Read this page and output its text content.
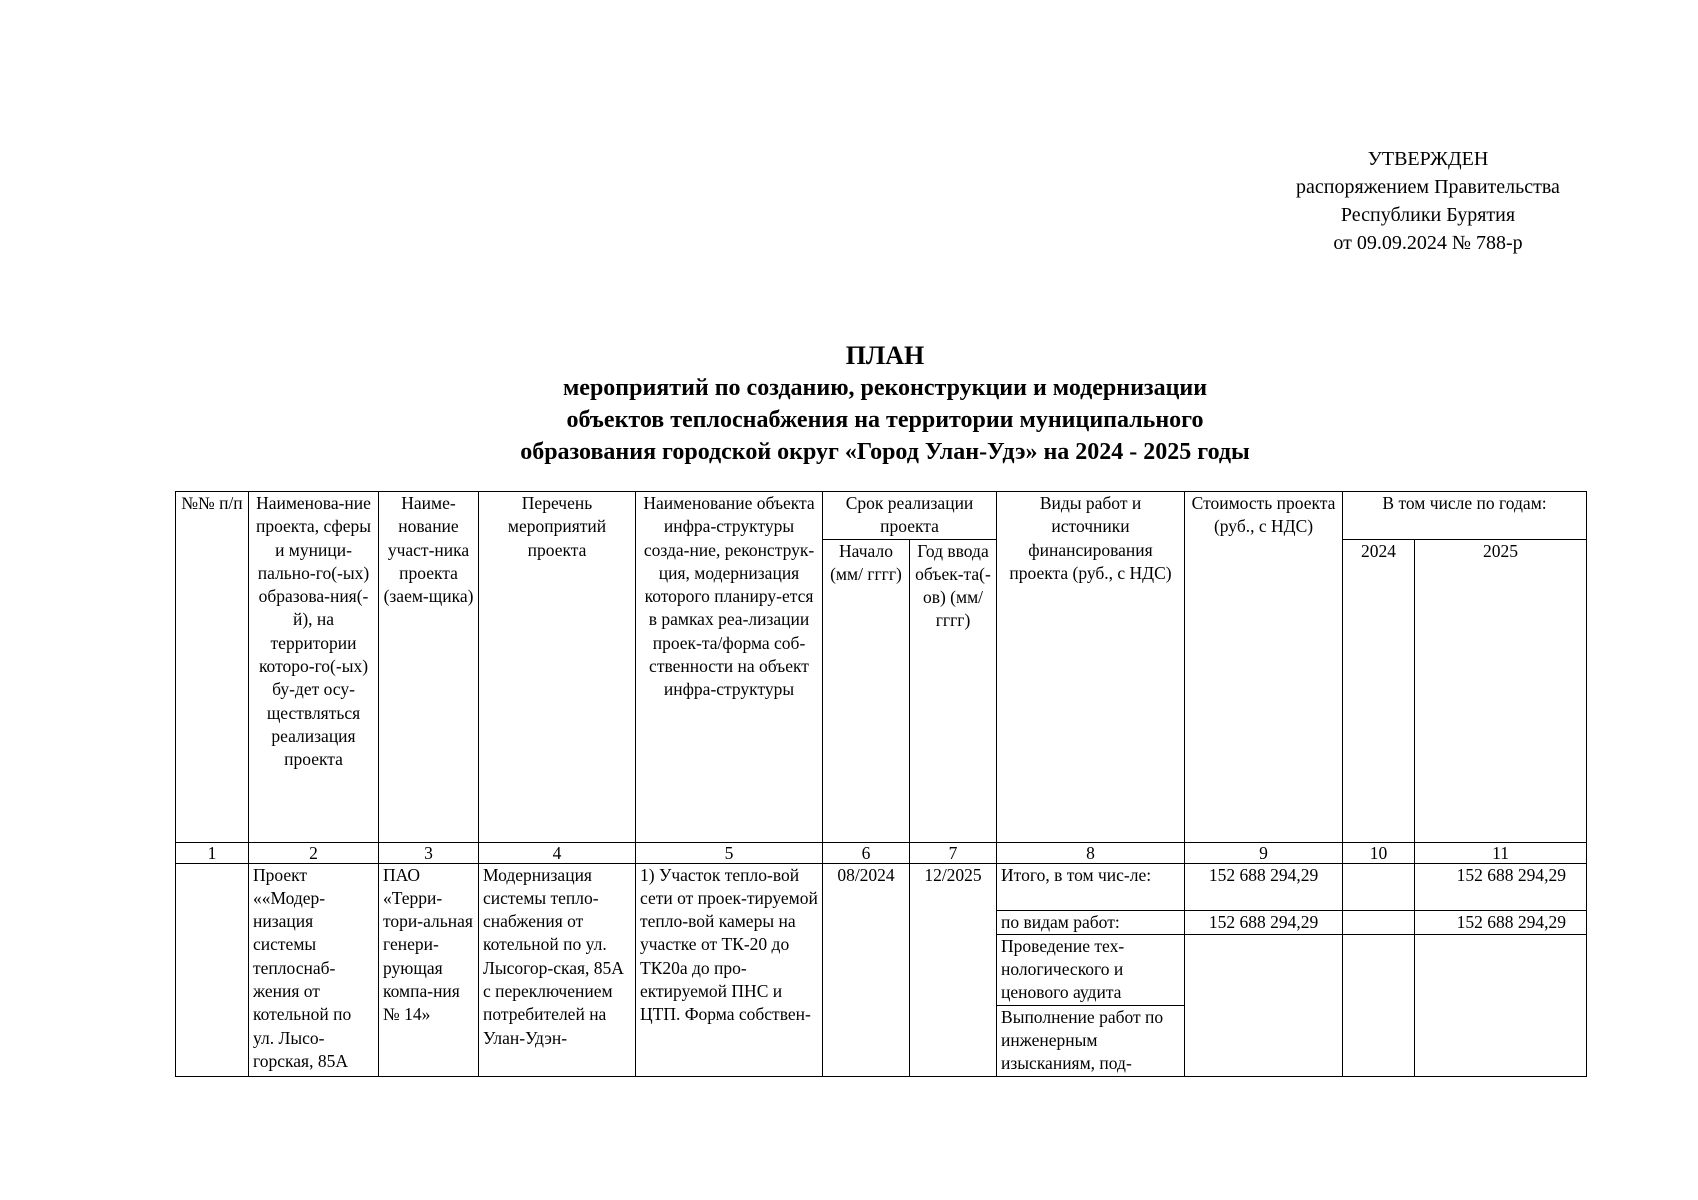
УТВЕРЖДЕН
распоряжением Правительства
Республики Бурятия
от 09.09.2024 № 788-р
ПЛАН
мероприятий по созданию, реконструкции и модернизации
объектов теплоснабжения на территории муниципального
образования городской округ «Город Улан-Удэ» на 2024 - 2025 годы
№№ п/п	Наименова-ние проекта, сферы и муници-пально-го(-ых) образова-ния(-й), на территории которо-го(-ых) бу-дет осу-ществляться реализация проекта	Наиме-нование участ-ника проекта (заем-щика)	Перечень мероприятий проекта	Наименование объекта инфра-структуры созда-ние, реконструк-ция, модернизация которого планиру-ется в рамках реа-лизации проек-та/форма соб-ственности на объект инфра-структуры	Срок реализации проекта		Виды работ и источники финансирования проекта (руб., с НДС)	Стоимость проекта (руб., с НДС)	В том числе по годам:	
					Начало (мм/ гггг)	Год ввода объек-та(-ов) (мм/ гггг)			2024	2025
1	2	3	4	5	6	7	8	9	10	11

	Проект ««Модер-низация системы теплоснаб-жения от котельной по ул. Лысо-горская, 85А	ПАО «Терри-тори-альная генери-рующая компа-ния № 14»	Модернизация системы тепло-снабжения от котельной по ул. Лысогор-ская, 85А с переключением потребителей на Улан-Удэн-	1) Участок тепло-вой сети от проек-тируемой тепло-вой камеры на участке от ТК-20 до ТК20а до про-ектируемой ПНС и ЦТП. Форма собствен-	08/2024	12/2025	Итого, в том чис-ле:	152 688 294,29		152 688 294,29
							по видам работ:	152 688 294,29		152 688 294,29
							Проведение тех-нологического и ценового аудита			

							Выполнение работ по инженерным изысканиям, под-			
